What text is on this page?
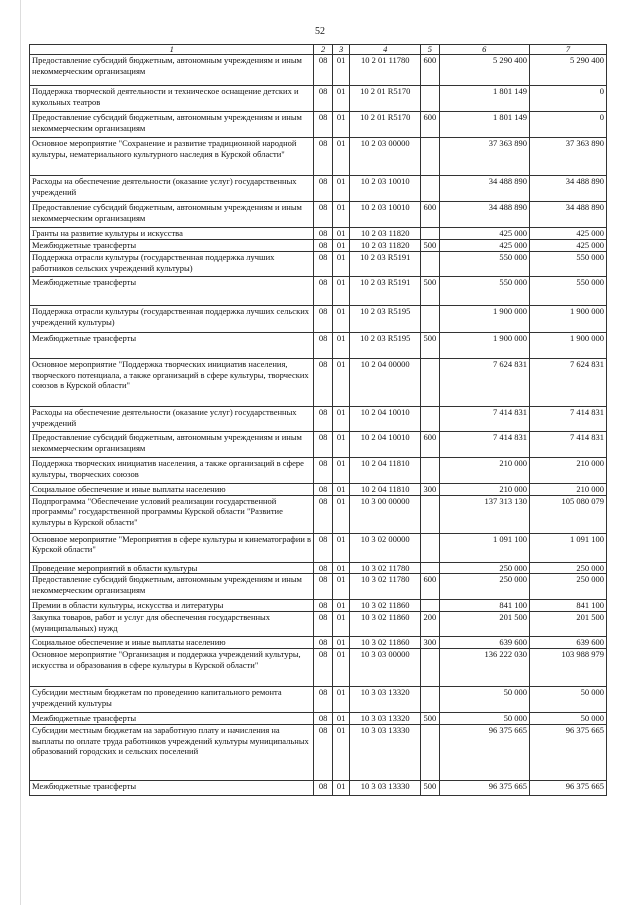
52
1	2	3	4	5	6	7
Предоставление субсидий бюджетным, автономным учреждениям и иным некоммерческим организациям	08	01	10 2 01 11780	600	5 290 400	5 290 400
Поддержка творческой деятельности и техническое оснащение детских и кукольных театров	08	01	10 2 01 R5170		1 801 149	0
Предоставление субсидий бюджетным, автономным учреждениям и иным некоммерческим организациям	08	01	10 2 01 R5170	600	1 801 149	0
Основное мероприятие "Сохранение и развитие традиционной народной культуры, нематериального культурного наследия в Курской области"	08	01	10 2 03 00000		37 363 890	37 363 890
Расходы на обеспечение деятельности (оказание услуг) государственных учреждений	08	01	10 2 03 10010		34 488 890	34 488 890
Предоставление субсидий бюджетным, автономным учреждениям и иным некоммерческим организациям	08	01	10 2 03 10010	600	34 488 890	34 488 890
Гранты на развитие культуры и искусства	08	01	10 2 03 11820		425 000	425 000
Межбюджетные трансферты	08	01	10 2 03 11820	500	425 000	425 000
Поддержка отрасли культуры (государственная поддержка лучших работников сельских учреждений культуры)	08	01	10 2 03 R5191		550 000	550 000
Межбюджетные трансферты	08	01	10 2 03 R5191	500	550 000	550 000
Поддержка отрасли культуры (государственная поддержка лучших сельских учреждений культуры)	08	01	10 2 03 R5195		1 900 000	1 900 000
Межбюджетные трансферты	08	01	10 2 03 R5195	500	1 900 000	1 900 000
Основное мероприятие "Поддержка творческих инициатив населения, творческого потенциала, а также организаций в сфере культуры, творческих союзов в Курской области"	08	01	10 2 04 00000		7 624 831	7 624 831
Расходы на обеспечение деятельности (оказание услуг) государственных учреждений	08	01	10 2 04 10010		7 414 831	7 414 831
Предоставление субсидий бюджетным, автономным учреждениям и иным некоммерческим организациям	08	01	10 2 04 10010	600	7 414 831	7 414 831
Поддержка творческих инициатив населения, а также организаций в сфере культуры, творческих союзов	08	01	10 2 04 11810		210 000	210 000
Социальное обеспечение и иные выплаты населению	08	01	10 2 04 11810	300	210 000	210 000
Подпрограмма "Обеспечение условий реализации государственной программы" государственной программы Курской области "Развитие культуры в Курской области"	08	01	10 3 00 00000		137 313 130	105 080 079
Основное мероприятие "Мероприятия в сфере культуры и кинематографии в Курской области"	08	01	10 3 02 00000		1 091 100	1 091 100
Проведение мероприятий в области культуры	08	01	10 3 02 11780		250 000	250 000
Предоставление субсидий бюджетным, автономным учреждениям и иным некоммерческим организациям	08	01	10 3 02 11780	600	250 000	250 000
Премии в области культуры, искусства и литературы	08	01	10 3 02 11860		841 100	841 100
Закупка товаров, работ и услуг для обеспечения государственных (муниципальных) нужд	08	01	10 3 02 11860	200	201 500	201 500
Социальное обеспечение и иные выплаты населению	08	01	10 3 02 11860	300	639 600	639 600
Основное мероприятие "Организация и поддержка учреждений культуры, искусства и образования в сфере культуры в Курской области"	08	01	10 3 03 00000		136 222 030	103 988 979
Субсидии местным бюджетам по проведению капитального ремонта учреждений культуры	08	01	10 3 03 13320		50 000	50 000
Межбюджетные трансферты	08	01	10 3 03 13320	500	50 000	50 000
Субсидии местным бюджетам на заработную плату и начисления на выплаты по оплате труда работников учреждений культуры муниципальных образований городских и сельских поселений	08	01	10 3 03 13330		96 375 665	96 375 665
Межбюджетные трансферты	08	01	10 3 03 13330	500	96 375 665	96 375 665
